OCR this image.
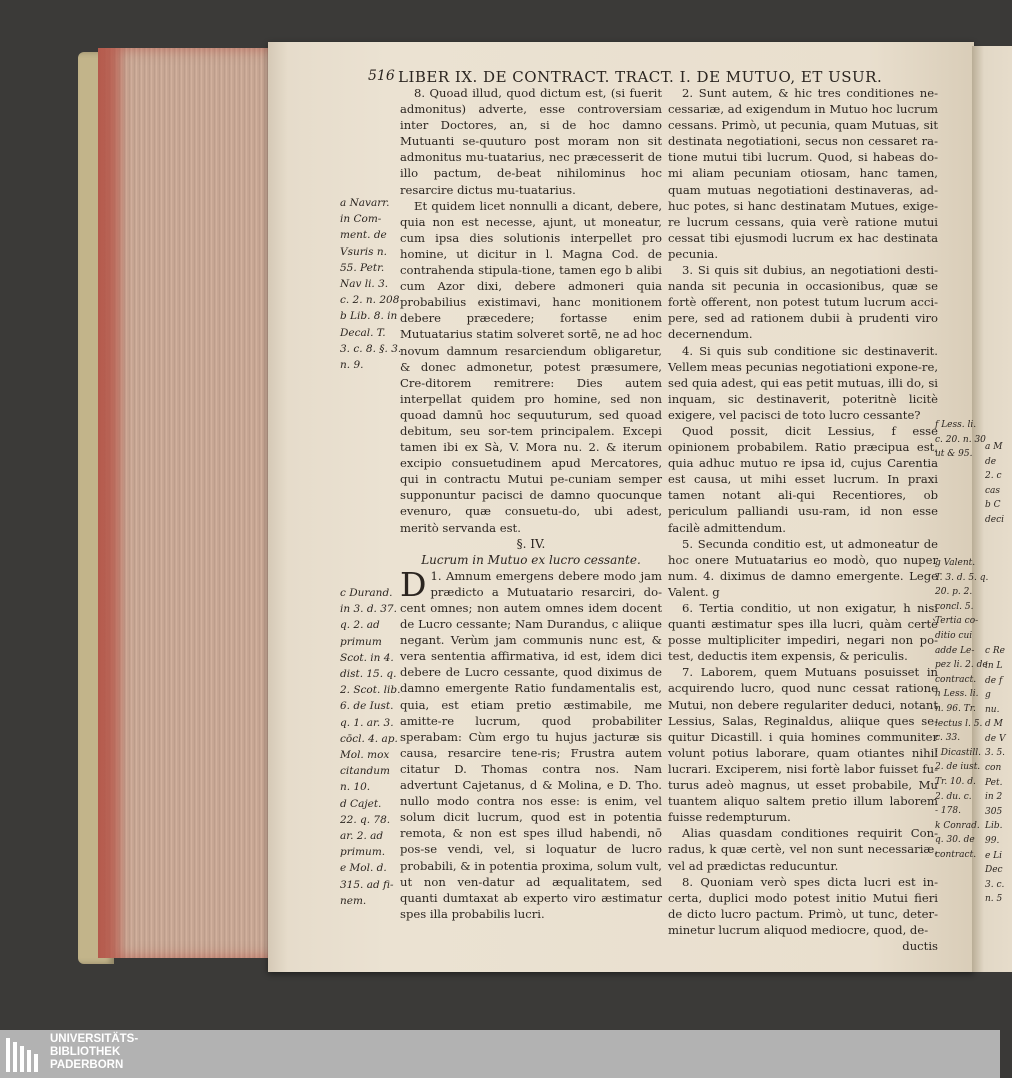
516 LIBER IX. DE CONTRACT. TRACT. I. DE MUTUO, ET USUR.
a Navarr.
in Com-
ment. de
Vsuris n.
55. Petr.
Nav li. 3.
c. 2. n. 208
b Lib. 8. in
Decal. T.
3. c. 8. §. 3.
n. 9.
c Durand.
in 3. d. 37.
q. 2. ad
primum
Scot. in 4.
dist. 15. q.
2. Scot. lib.
6. de Iust.
q. 1. ar. 3.
cōcl. 4. ap.
Mol. mox
citandum
n. 10.
d Cajet.
22. q. 78.
ar. 2. ad
primum.
e Mol. d.
315. ad fi-
nem.

8. Quoad illud, quod dictum est, (si fuerit admonitus) adverte, esse controversiam inter Doctores, an, si de hoc damno Mutuanti se-quuturo post moram non sit admonitus mu-tuatarius, nec præcesserit de illo pactum, de-beat nihilominus hoc resarcire dictus mu-tuatarius.

Et quidem licet nonnulli a dicant, debere, quia non est necesse, ajunt, ut moneatur, cum ipsa dies solutionis interpellet pro homine, ut dicitur in l. Magna Cod. de contrahenda stipula-tione, tamen ego b alibi cum Azor dixi, debere admoneri quia probabilius existimavi, hanc monitionem debere præcedere; fortasse enim Mutuatarius statim solveret sortē, ne ad hoc novum damnum resarciendum obligaretur, & donec admonetur, potest præsumere, Cre-ditorem remitrere: Dies autem interpellat quidem pro homine, sed non quoad damnū hoc sequuturum, sed quoad debitum, seu sor-tem principalem. Excepi tamen ibi ex Sà, V. Mora nu. 2. & iterum excipio consuetudinem apud Mercatores, qui in contractu Mutui pe-cuniam semper supponuntur pacisci de damno quocunque evenuro, quæ consuetu-do, ubi adest, meritò servanda est.

§. IV.

Lucrum in Mutuo ex lucro cessante.

1.
D Amnum emergens debere modo jam prædicto a Mutuatario resarciri, do-cent omnes; non autem omnes idem docent de Lucro cessante; Nam Durandus, c aliique negant. Verùm jam communis nunc est, & vera sententia affirmativa, id est, idem dici debere de Lucro cessante, quod diximus de damno emergente Ratio fundamentalis est, quia, est etiam pretio æstimabile, me amitte-re lucrum, quod probabiliter sperabam: Cùm ergo tu hujus jacturæ sis causa, resarcire tene-ris; Frustra autem citatur D. Thomas contra nos. Nam advertunt Cajetanus, d & Molina, e D. Tho. nullo modo contra nos esse: is enim, vel solum dicit lucrum, quod est in potentia remota, & non est spes illud habendi, nō pos-se vendi, vel, si loquatur de lucro probabili, & in potentia proxima, solum vult, ut non ven-datur ad æqualitatem, sed quanti dumtaxat ab experto viro æstimatur spes illa probabilis lucri.

2. Sunt autem, & hic tres conditiones ne-cessariæ, ad exigendum in Mutuo hoc lucrum cessans. Primò, ut pecunia, quam Mutuas, sit destinata negotiationi, secus non cessaret ra-tione mutui tibi lucrum. Quod, si habeas do-mi aliam pecuniam otiosam, hanc tamen, quam mutuas negotiationi destinaveras, ad-huc potes, si hanc destinatam Mutues, exige-re lucrum cessans, quia verè ratione mutui cessat tibi ejusmodi lucrum ex hac destinata pecunia.

3. Si quis sit dubius, an negotiationi desti-nanda sit pecunia in occasionibus, quæ se fortè offerent, non potest tutum lucrum acci-pere, sed ad rationem dubii à prudenti viro decernendum.

4. Si quis sub conditione sic destinaverit. Vellem meas pecunias negotiationi expone-re, sed quia adest, qui eas petit mutuas, illi do, si inquam, sic destinaverit, poteritnè licitè exigere, vel pacisci de toto lucro cessante?

Quod possit, dicit Lessius, f esse opinionem probabilem. Ratio præcipua est, quia adhuc mutuo re ipsa id, cujus Carentia est causa, ut mihi esset lucrum. In praxi tamen notant ali-qui Recentiores, ob periculum palliandi usu-ram, id non esse facilè admittendum.

5. Secunda conditio est, ut admoneatur de hoc onere Mutuatarius eo modò, quo nuper num. 4. diximus de damno emergente. Lege Valent. g

6. Tertia conditio, ut non exigatur, h nisi quanti æstimatur spes illa lucri, quàm certè posse multipliciter impediri, negari non po-test, deductis item expensis, & periculis.

7. Laborem, quem Mutuans posuisset in acquirendo lucro, quod nunc cessat ratione Mutui, non debere regulariter deduci, notant Lessius, Salas, Reginaldus, aliique ques se-quitur Dicastill. i quia homines communiter volunt potius laborare, quam otiantes nihil lucrari. Exciperem, nisi fortè labor fuisset fu-turus adeò magnus, ut esset probabile, Mu tuantem aliquo saltem pretio illum laborem fuisse redempturum.

Alias quasdam conditiones requirit Con-radus, k quæ certè, vel non sunt necessariæ, vel ad prædictas reducuntur.

8. Quoniam verò spes dicta lucri est in-certa, duplici modo potest initio Mutui fieri de dicto lucro pactum. Primò, ut tunc, deter-minetur lucrum aliquod mediocre, quod, de-

ductis

f Less. li.
c. 20. n. 30
ut & 95.
g Valent.
T. 3. d. 5. q.
20. p. 2.
concl. 5.
Tertia co-
ditio cui
adde Le-
pez li. 2. de
contract.
h Less. li.
n. 96. Tr.
lectus l. 5.
c. 33.
i Dicastill.
2. de iust.
Tr. 10. d.
2. du. c.
- 178.
k Conrad.
q. 30. de
contract.
a M
de
2. c
cas
b C
deci

c Re
in L
de f
g
nu.
d M
de V
3. 5.
con
Pet.
in 2
305
Lib.
99.
e Li
Dec
3. c.
n. 5
UNIVERSITÄTS-
BIBLIOTHEK
PADERBORN
